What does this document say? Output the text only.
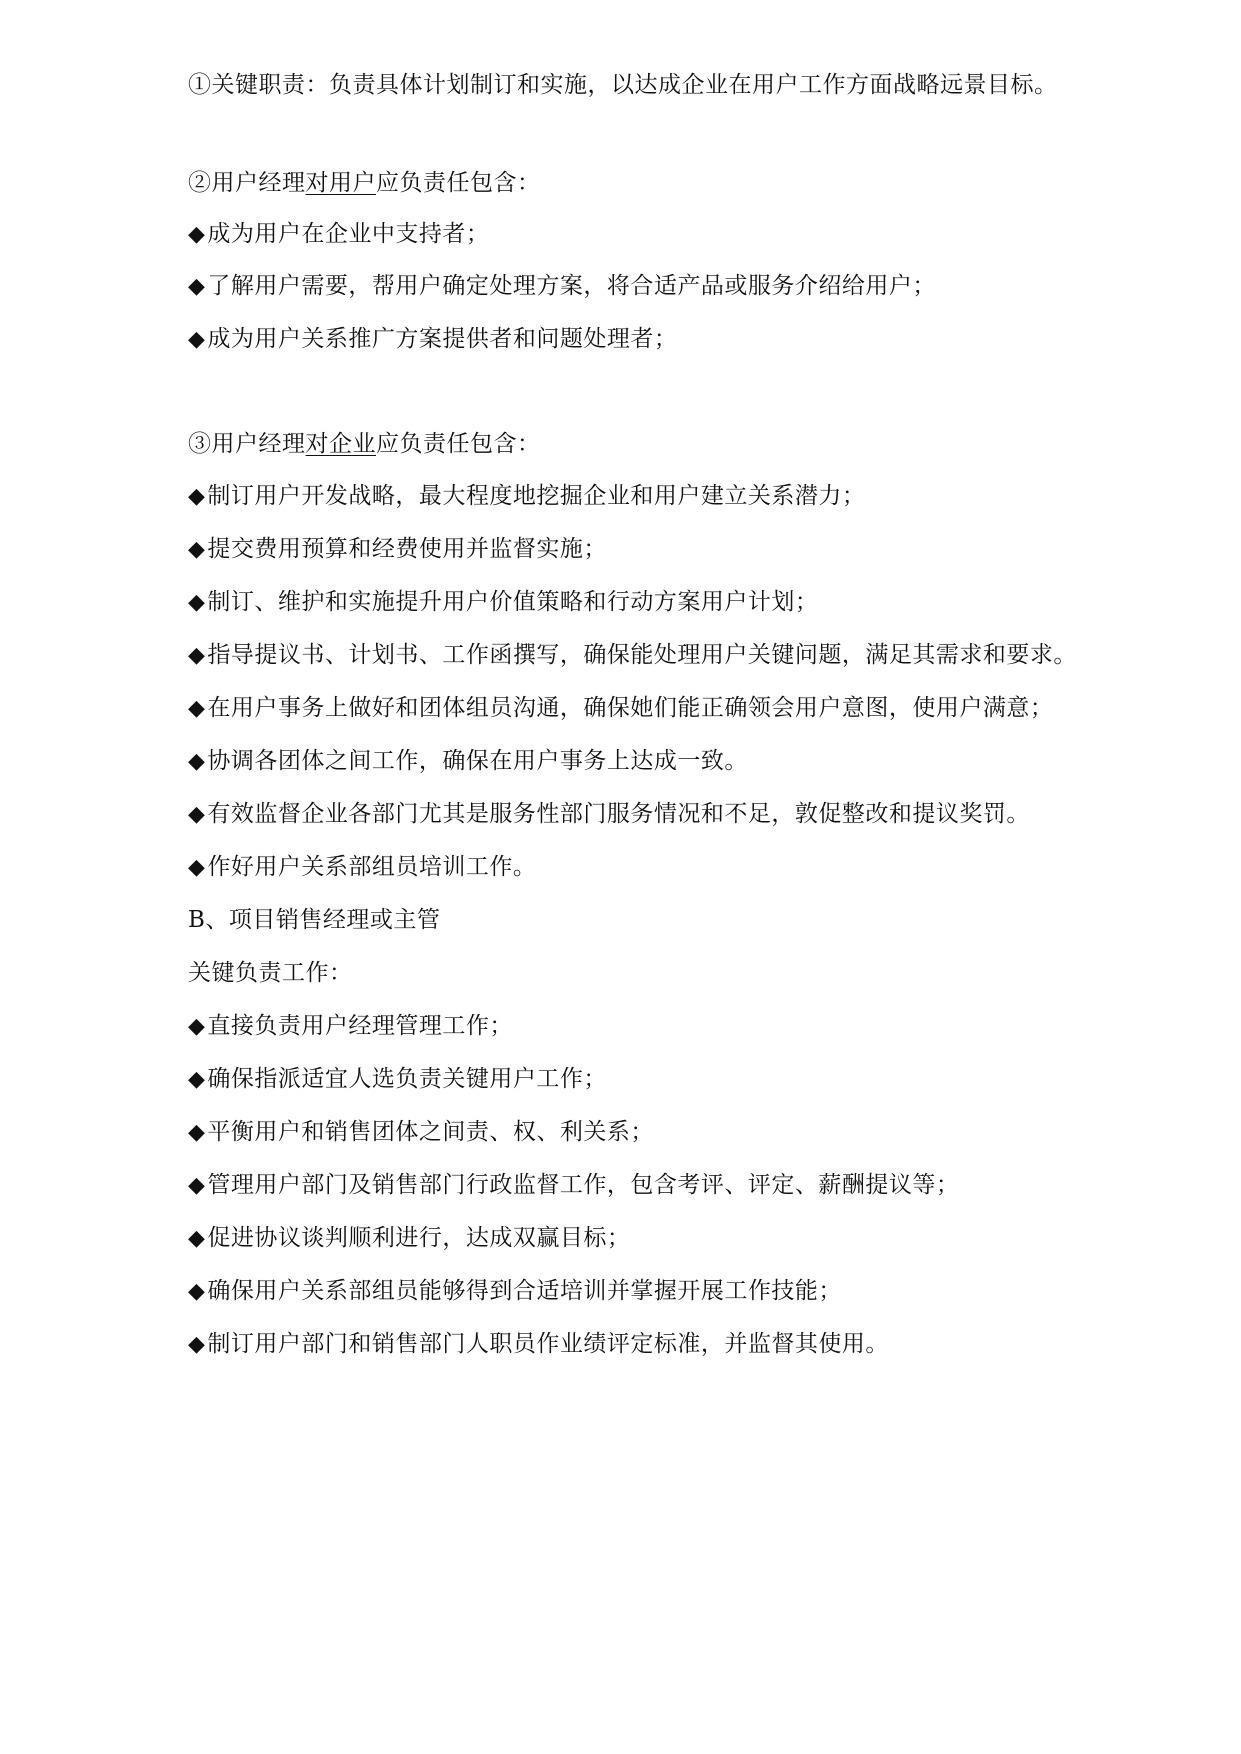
①关键职责：负责具体计划制订和实施，以达成企业在用户工作方面战略远景目标。
②用户经理对用户应负责任包含：
◆成为用户在企业中支持者；
◆了解用户需要，帮用户确定处理方案，将合适产品或服务介绍给用户；
◆成为用户关系推广方案提供者和问题处理者；
③用户经理对企业应负责任包含：
◆制订用户开发战略，最大程度地挖掘企业和用户建立关系潜力；
◆提交费用预算和经费使用并监督实施；
◆制订、维护和实施提升用户价值策略和行动方案用户计划；
◆指导提议书、计划书、工作函撰写，确保能处理用户关键问题，满足其需求和要求。
◆在用户事务上做好和团体组员沟通，确保她们能正确领会用户意图，使用户满意；
◆协调各团体之间工作，确保在用户事务上达成一致。
◆有效监督企业各部门尤其是服务性部门服务情况和不足，敦促整改和提议奖罚。
◆作好用户关系部组员培训工作。
B、项目销售经理或主管
关键负责工作：
◆直接负责用户经理管理工作；
◆确保指派适宜人选负责关键用户工作；
◆平衡用户和销售团体之间责、权、利关系；
◆管理用户部门及销售部门行政监督工作，包含考评、评定、薪酬提议等；
◆促进协议谈判顺利进行，达成双赢目标；
◆确保用户关系部组员能够得到合适培训并掌握开展工作技能；
◆制订用户部门和销售部门人职员作业绩评定标准，并监督其使用。
